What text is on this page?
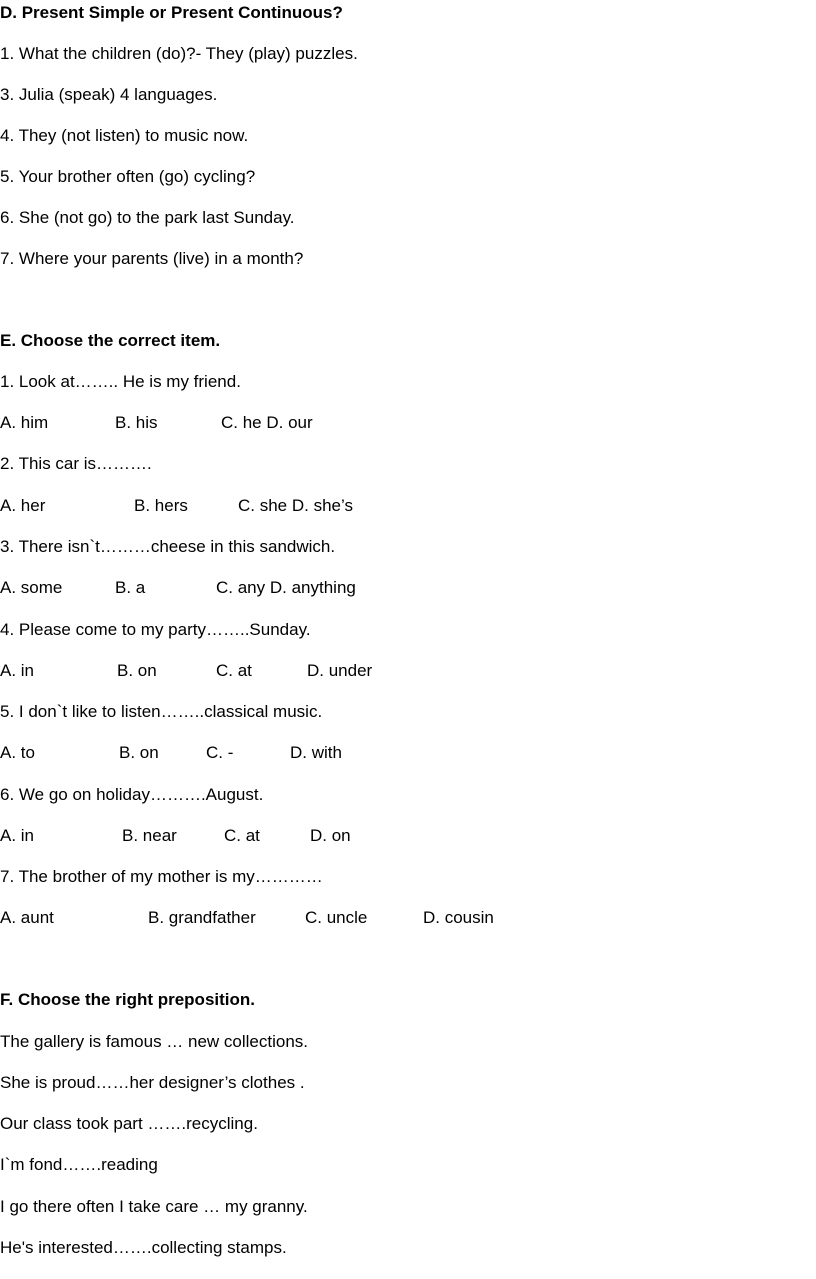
D. Present Simple or Present Continuous?
1. What the children (do)?- They (play) puzzles.
3. Julia (speak) 4 languages.
4. They (not listen) to music now.
5. Your brother often (go) cycling?
6. She (not go) to the park last Sunday.
7. Where your parents (live) in a month?
E. Choose the correct item.
1. Look at…….. He is my friend.
A. him	B. his	C. he D. our
2. This car is……….
A. her	B. hers	C. she D. she’s
3. There isn`t………cheese in this sandwich.
A. some	B. a	C. any D. anything
4. Please come to my party……..Sunday.
A. in	B. on	C. at	D. under
5. I don`t like to listen……..classical music.
A. to	B. on	C. -	D. with
6. We go on holiday……….August.
A. in	B. near	C. at	D. on
7. The brother of my mother is my…………
A. aunt	B. grandfather	C. uncle	D. cousin
F. Choose the right preposition.
The gallery is famous … new collections.
She is proud……her designer’s clothes .
Our class took part …….recycling.
I`m fond…….reading
I go there often I take care … my granny.
He's interested…….collecting stamps.
